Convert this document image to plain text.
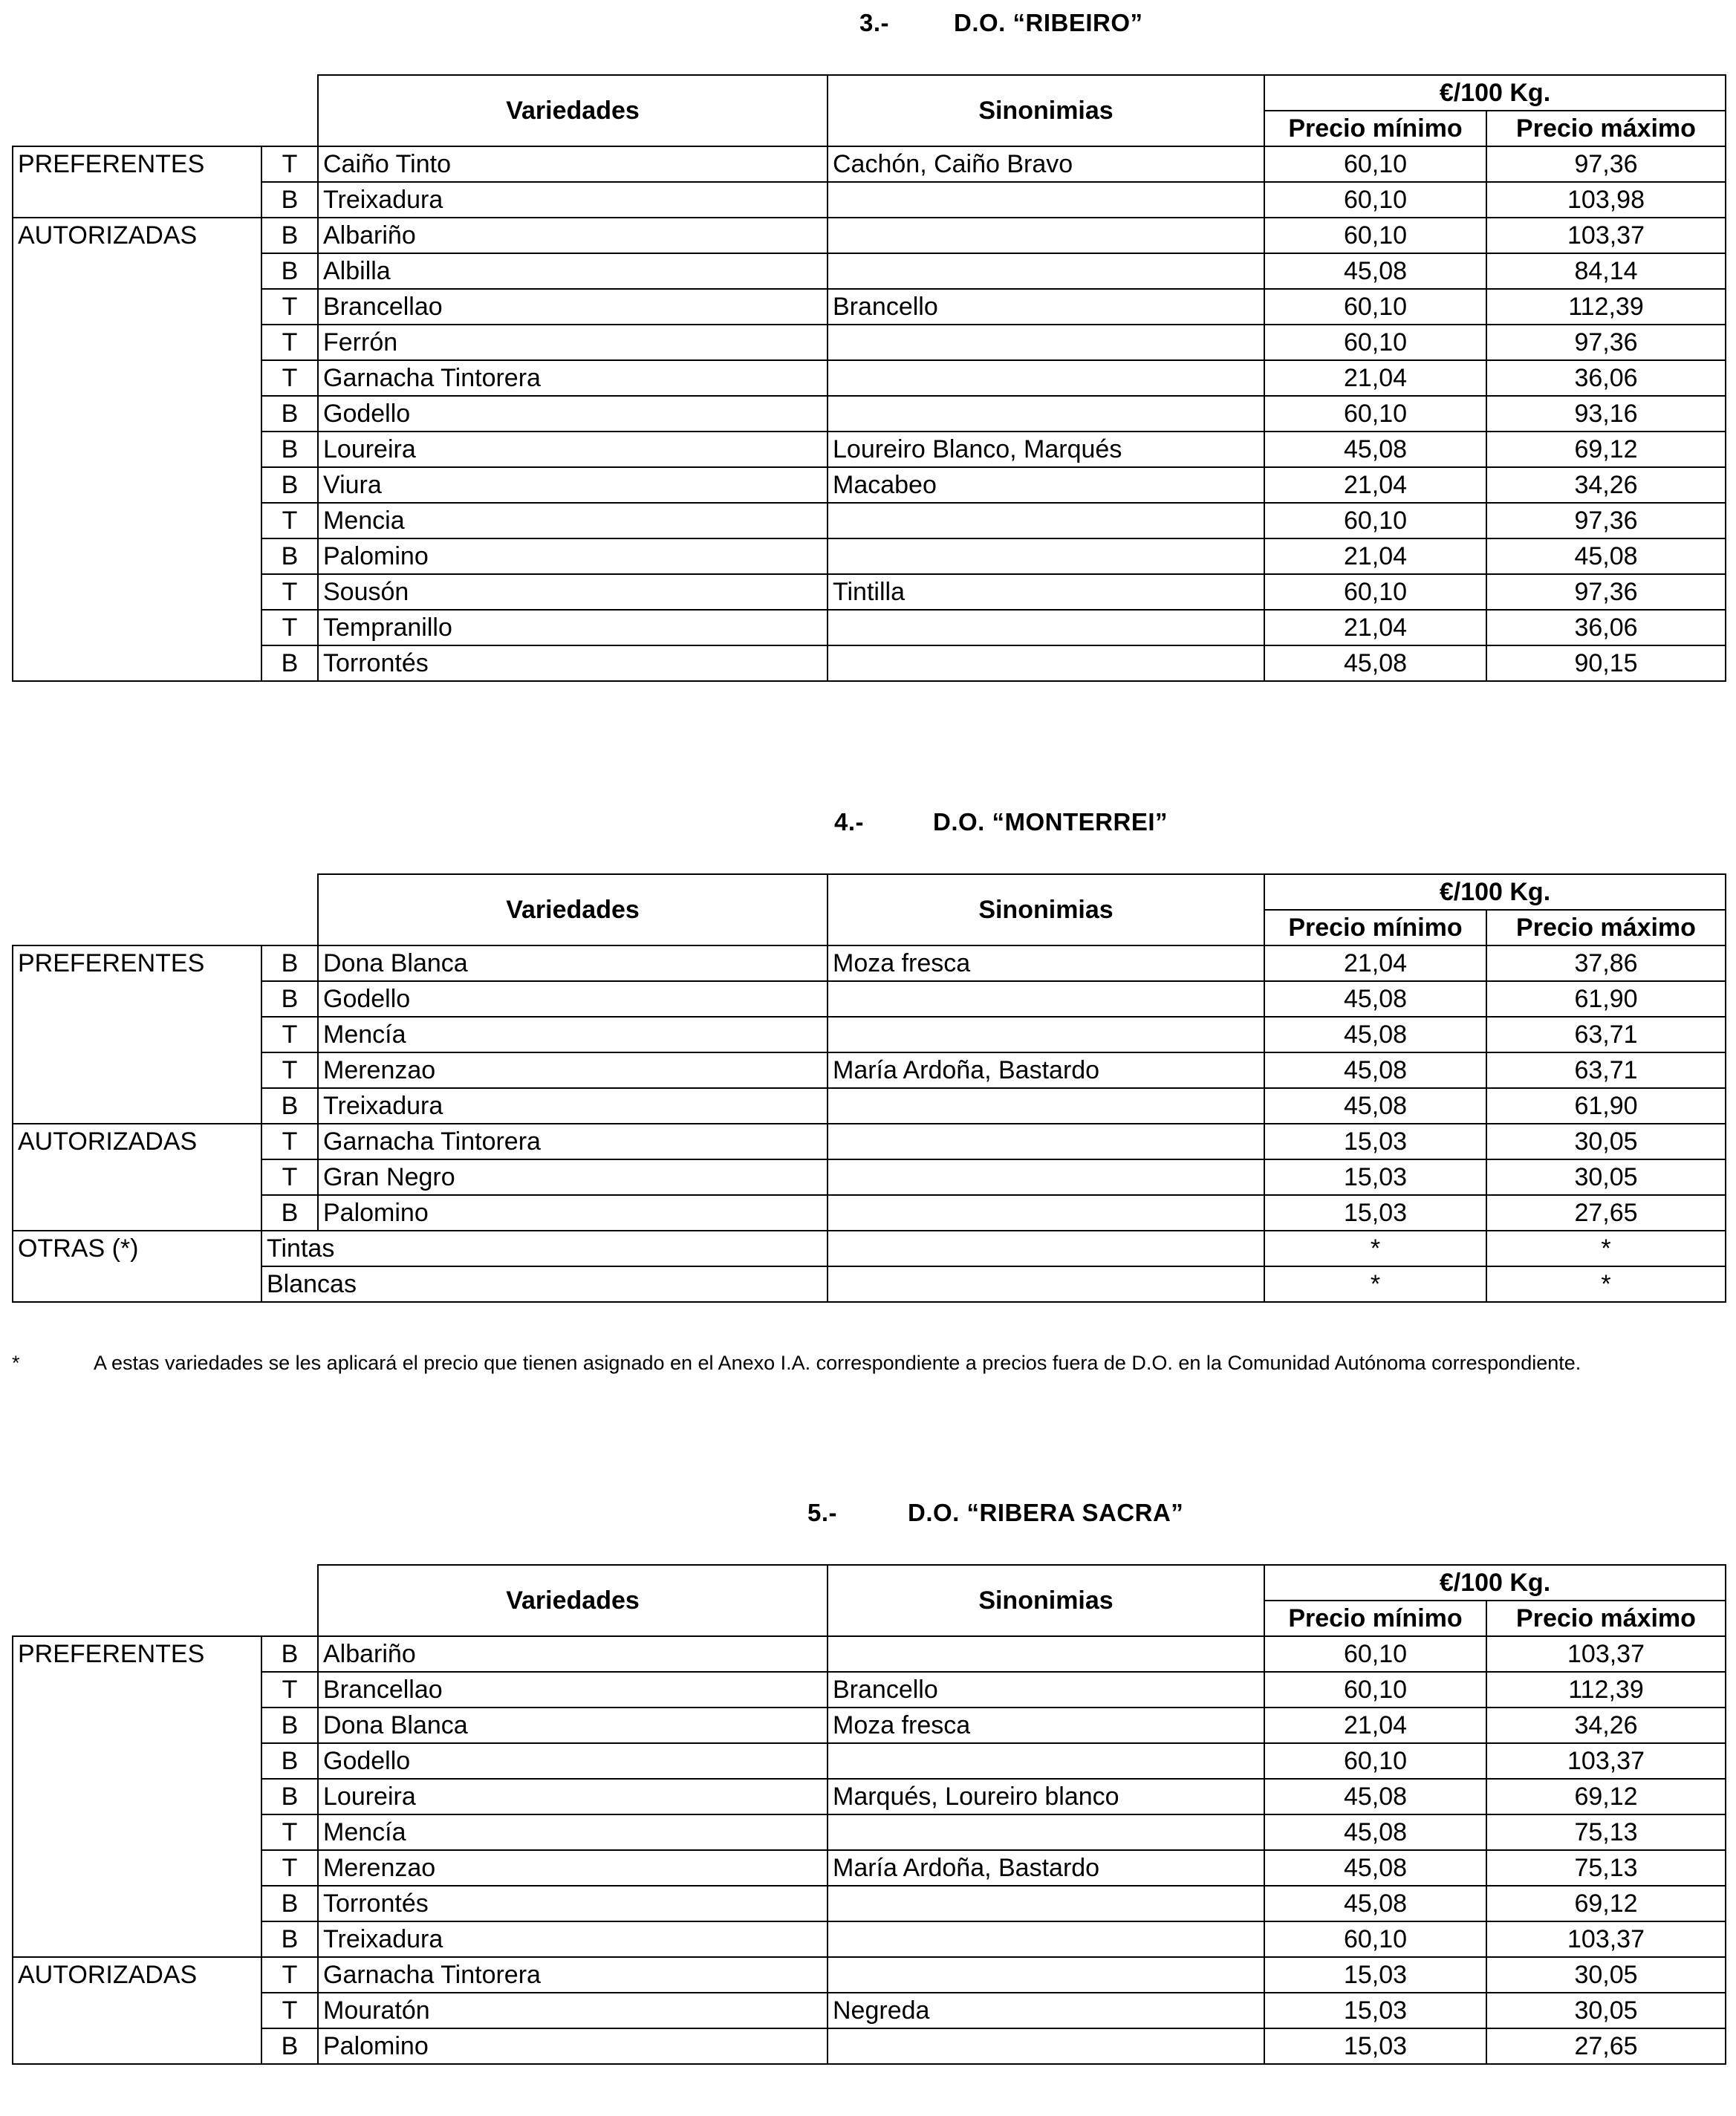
3.-	D.O. “RIBEIRO”
		Variedades	Sinonimias	€/100 Kg.	
				Precio mínimo	Precio máximo
PREFERENTES	T	Caiño Tinto	Cachón, Caiño Bravo	60,10	97,36
	B	Treixadura		60,10	103,98
AUTORIZADAS	B	Albariño		60,10	103,37
	B	Albilla		45,08	84,14
	T	Brancellao	Brancello	60,10	112,39
	T	Ferrón		60,10	97,36
	T	Garnacha Tintorera		21,04	36,06
	B	Godello		60,10	93,16
	B	Loureira	Loureiro Blanco, Marqués	45,08	69,12
	B	Viura	Macabeo	21,04	34,26
	T	Mencia		60,10	97,36
	B	Palomino		21,04	45,08
	T	Sousón	Tintilla	60,10	97,36
	T	Tempranillo		21,04	36,06
	B	Torrontés		45,08	90,15
4.-	D.O. “MONTERREI”
		Variedades	Sinonimias	€/100 Kg.	
				Precio mínimo	Precio máximo
PREFERENTES	B	Dona Blanca	Moza fresca	21,04	37,86
	B	Godello		45,08	61,90
	T	Mencía		45,08	63,71
	T	Merenzao	María Ardoña, Bastardo	45,08	63,71
	B	Treixadura		45,08	61,90
AUTORIZADAS	T	Garnacha Tintorera		15,03	30,05
	T	Gran Negro		15,03	30,05
	B	Palomino		15,03	27,65
OTRAS (*)	Tintas			*	*
	Blancas			*	*
*	A estas variedades se les aplicará el precio que tienen asignado en el Anexo I.A. correspondiente a precios fuera de D.O. en la Comunidad Autónoma correspondiente.
5.-	D.O. “RIBERA SACRA”
		Variedades	Sinonimias	€/100 Kg.	
				Precio mínimo	Precio máximo
PREFERENTES	B	Albariño		60,10	103,37
	T	Brancellao	Brancello	60,10	112,39
	B	Dona Blanca	Moza fresca	21,04	34,26
	B	Godello		60,10	103,37
	B	Loureira	Marqués, Loureiro blanco	45,08	69,12
	T	Mencía		45,08	75,13
	T	Merenzao	María Ardoña, Bastardo	45,08	75,13
	B	Torrontés		45,08	69,12
	B	Treixadura		60,10	103,37
AUTORIZADAS	T	Garnacha Tintorera		15,03	30,05
	T	Mouratón	Negreda	15,03	30,05
	B	Palomino		15,03	27,65
